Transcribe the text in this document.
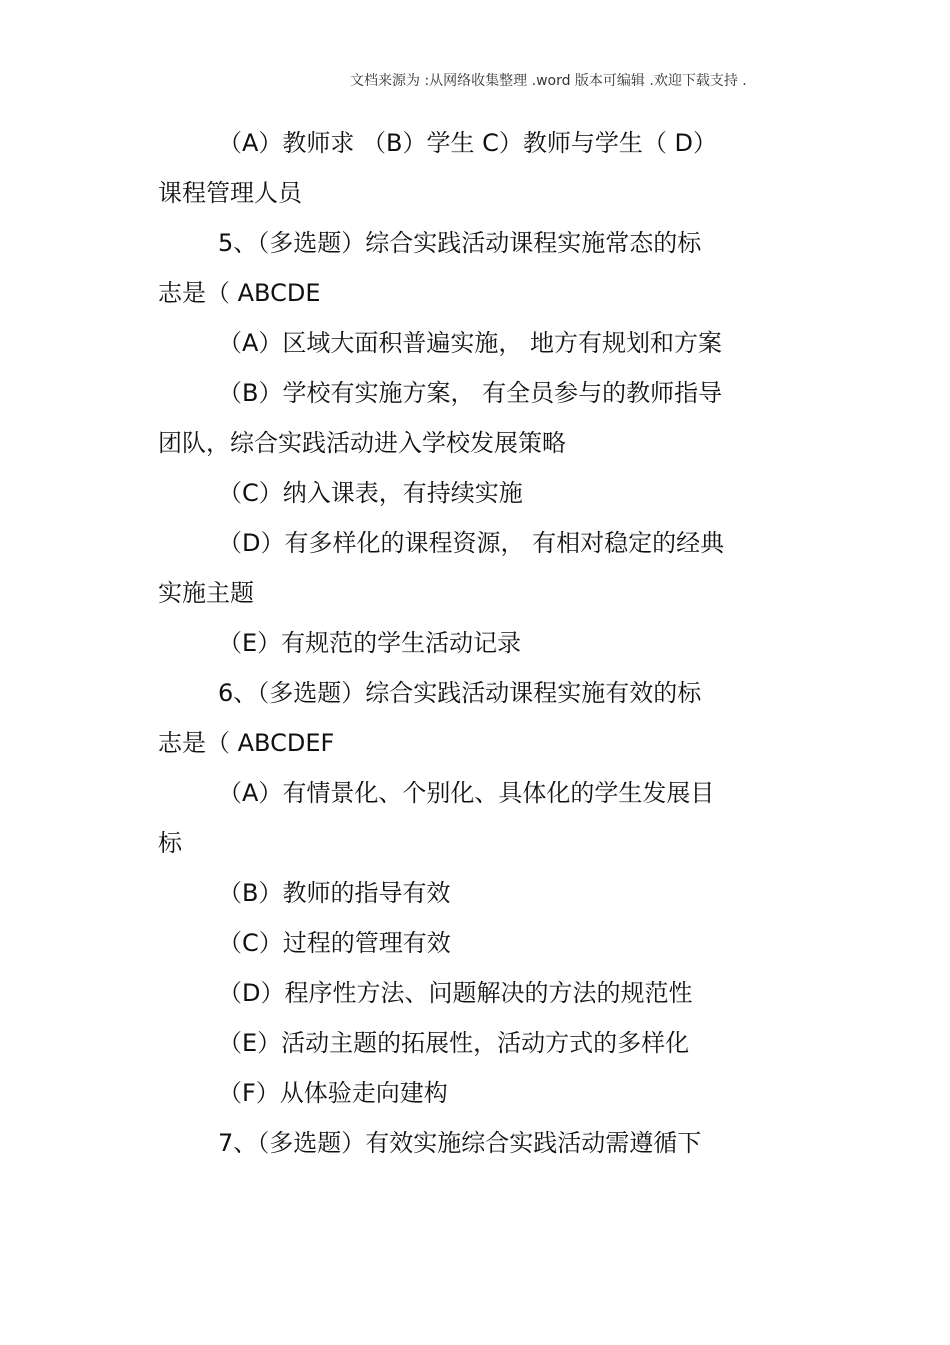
文档来源为 :从网络收集整理 .word 版本可编辑 .欢迎下载支持 .
（A）教师求 （B）学生 C）教师与学生（ D）
课程管理人员
5、（多选题）综合实践活动课程实施常态的标
志是（ ABCDE
（A）区域大面积普遍实施， 地方有规划和方案
（B）学校有实施方案， 有全员参与的教师指导
团队，综合实践活动进入学校发展策略
（C）纳入课表，有持续实施
（D）有多样化的课程资源， 有相对稳定的经典
实施主题
（E）有规范的学生活动记录
6、（多选题）综合实践活动课程实施有效的标
志是（ ABCDEF
（A）有情景化、个别化、具体化的学生发展目
标
（B）教师的指导有效
（C）过程的管理有效
（D）程序性方法、问题解决的方法的规范性
（E）活动主题的拓展性，活动方式的多样化
（F）从体验走向建构
7、（多选题）有效实施综合实践活动需遵循下
